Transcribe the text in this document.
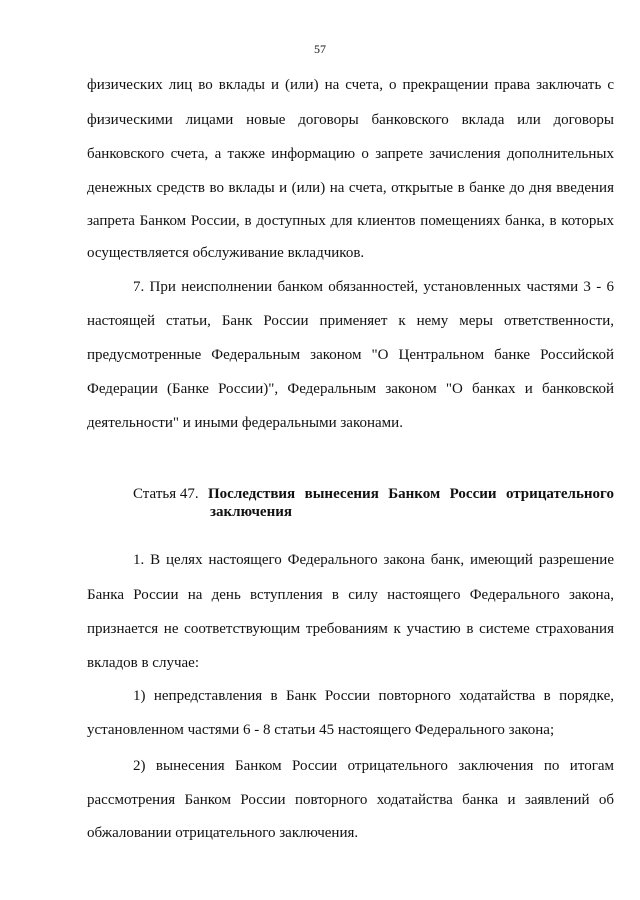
57
физических лиц во вклады и (или) на счета, о прекращении права заключать с
физическими лицами новые договоры банковского вклада или договоры
банковского счета, а также информацию о запрете зачисления дополнительных
денежных средств во вклады и (или) на счета, открытые в банке до дня введения
запрета Банком России, в доступных для клиентов помещениях банка, в которых
осуществляется обслуживание вкладчиков.
7. При неисполнении банком обязанностей, установленных частями 3 - 6
настоящей статьи, Банк России применяет к нему меры ответственности,
предусмотренные Федеральным законом "О Центральном банке Российской
Федерации (Банке России)", Федеральным законом "О банках и банковской
деятельности" и иными федеральными законами.
Статья 47. Последствия вынесения Банком России отрицательного
заключения
1. В целях настоящего Федерального закона банк, имеющий разрешение
Банка России на день вступления в силу настоящего Федерального закона,
признается не соответствующим требованиям к участию в системе страхования
вкладов в случае:
1) непредставления в Банк России повторного ходатайства в порядке,
установленном частями 6 - 8 статьи 45 настоящего Федерального закона;
2) вынесения Банком России отрицательного заключения по итогам
рассмотрения Банком России повторного ходатайства банка и заявлений об
обжаловании отрицательного заключения.
